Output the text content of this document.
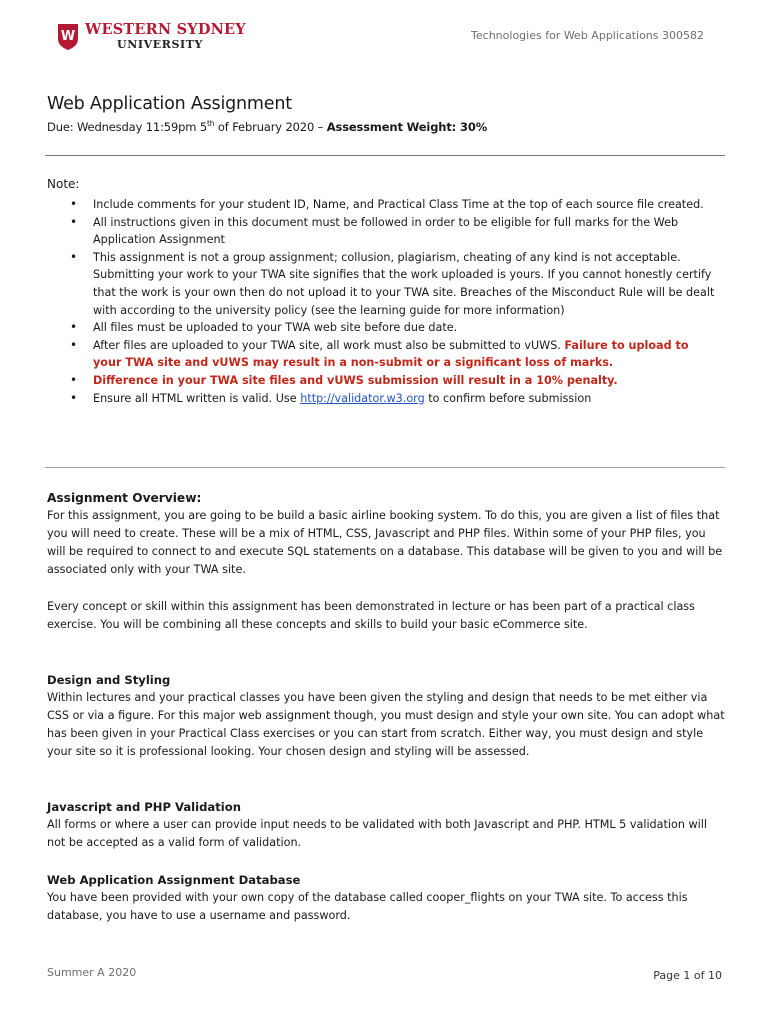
W WESTERN SYDNEY
UNIVERSITY
Technologies for Web Applications 300582
Web Application Assignment
Due: Wednesday 11:59pm 5th of February 2020 – Assessment Weight: 30%
Note:
• Include comments for your student ID, Name, and Practical Class Time at the top of each source file created.
• All instructions given in this document must be followed in order to be eligible for full marks for the Web Application Assignment
• This assignment is not a group assignment; collusion, plagiarism, cheating of any kind is not acceptable. Submitting your work to your TWA site signifies that the work uploaded is yours. If you cannot honestly certify that the work is your own then do not upload it to your TWA site. Breaches of the Misconduct Rule will be dealt with according to the university policy (see the learning guide for more information)
• All files must be uploaded to your TWA web site before due date.
• After files are uploaded to your TWA site, all work must also be submitted to vUWS. Failure to upload to your TWA site and vUWS may result in a non-submit or a significant loss of marks.
• Difference in your TWA site files and vUWS submission will result in a 10% penalty.
• Ensure all HTML written is valid. Use http://validator.w3.org to confirm before submission
Assignment Overview:

For this assignment, you are going to be build a basic airline booking system. To do this, you are given a list of files that you will need to create. These will be a mix of HTML, CSS, Javascript and PHP files. Within some of your PHP files, you will be required to connect to and execute SQL statements on a database. This database will be given to you and will be associated only with your TWA site.

Every concept or skill within this assignment has been demonstrated in lecture or has been part of a practical class exercise. You will be combining all these concepts and skills to build your basic eCommerce site.

Design and Styling

Within lectures and your practical classes you have been given the styling and design that needs to be met either via CSS or via a figure. For this major web assignment though, you must design and style your own site. You can adopt what has been given in your Practical Class exercises or you can start from scratch. Either way, you must design and style your site so it is professional looking. Your chosen design and styling will be assessed.

Javascript and PHP Validation

All forms or where a user can provide input needs to be validated with both Javascript and PHP. HTML 5 validation will not be accepted as a valid form of validation.

Web Application Assignment Database

You have been provided with your own copy of the database called cooper_flights on your TWA site. To access this database, you have to use a username and password.

Summer A 2020	Page 1 of 10
